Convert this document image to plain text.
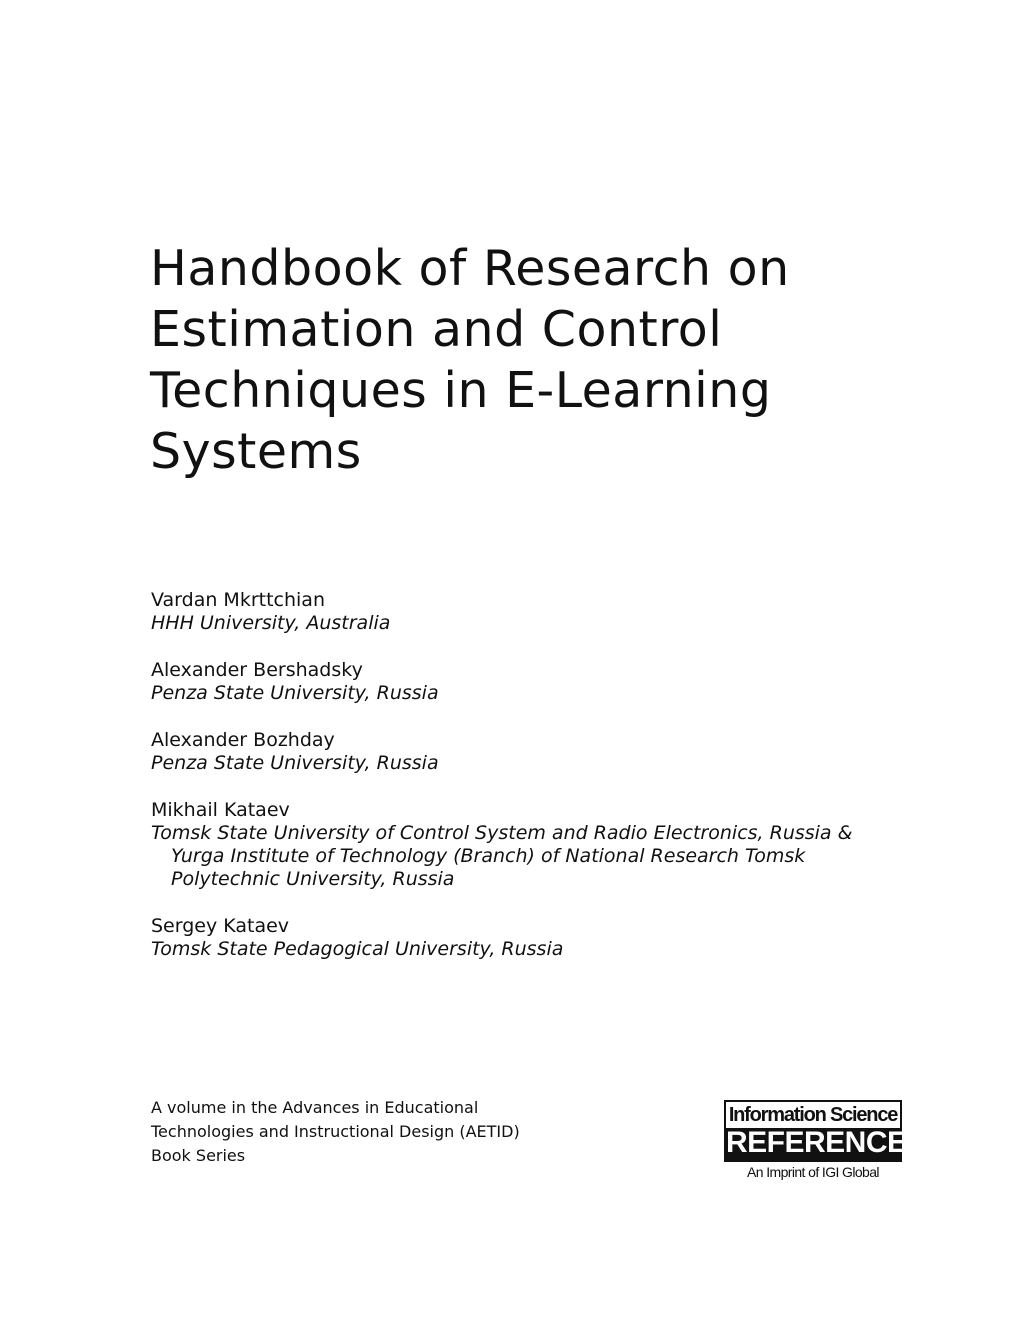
Handbook of Research on
Estimation and Control
Techniques in E-Learning
Systems
Vardan Mkrttchian
HHH University, Australia
Alexander Bershadsky
Penza State University, Russia
Alexander Bozhday
Penza State University, Russia
Mikhail Kataev
Tomsk State University of Control System and Radio Electronics, Russia &
Yurga Institute of Technology (Branch) of National Research Tomsk
Polytechnic University, Russia
Sergey Kataev
Tomsk State Pedagogical University, Russia
A volume in the Advances in Educational
Technologies and Instructional Design (AETID)
Book Series
Information Science
REFERENCE
An Imprint of IGI Global
